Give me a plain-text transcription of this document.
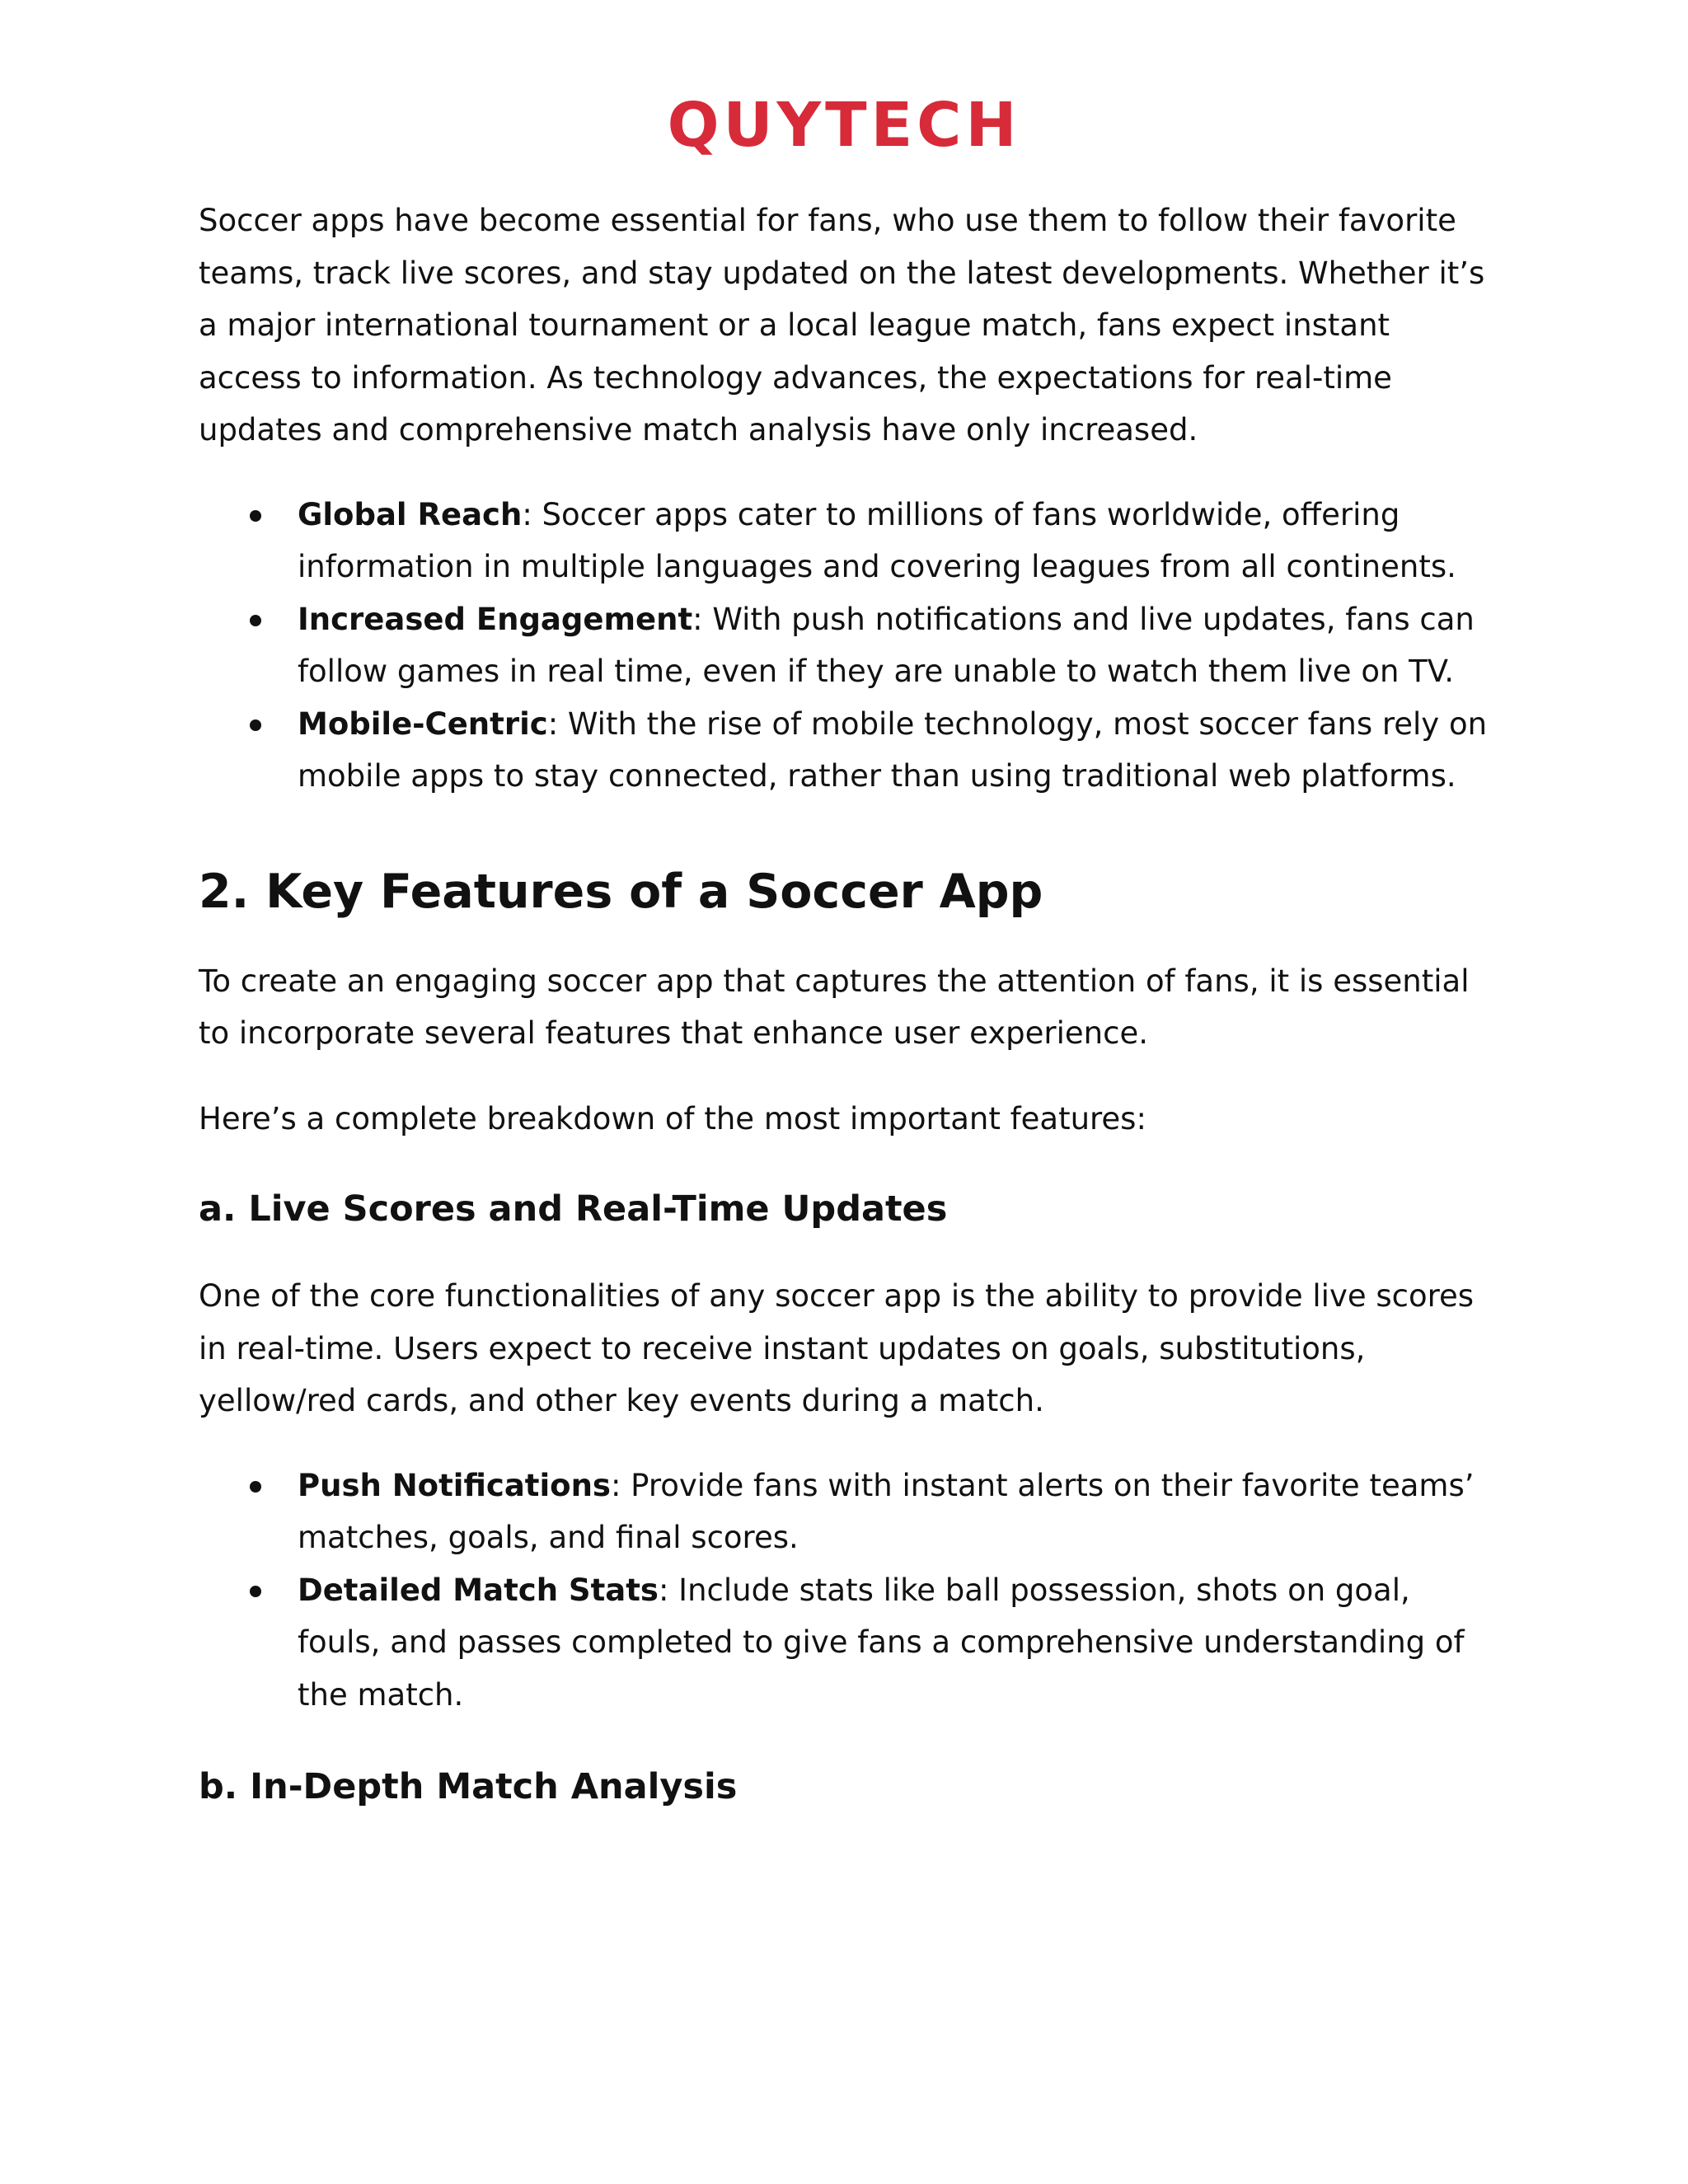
QUYTECH

Soccer apps have become essential for fans, who use them to follow their favorite teams, track live scores, and stay updated on the latest developments. Whether it’s a major international tournament or a local league match, fans expect instant access to information. As technology advances, the expectations for real-time updates and comprehensive match analysis have only increased.

Global Reach: Soccer apps cater to millions of fans worldwide, offering information in multiple languages and covering leagues from all continents.
Increased Engagement: With push notifications and live updates, fans can follow games in real time, even if they are unable to watch them live on TV.
Mobile-Centric: With the rise of mobile technology, most soccer fans rely on mobile apps to stay connected, rather than using traditional web platforms.
2. Key Features of a Soccer App

To create an engaging soccer app that captures the attention of fans, it is essential to incorporate several features that enhance user experience.

Here’s a complete breakdown of the most important features:

a. Live Scores and Real-Time Updates

One of the core functionalities of any soccer app is the ability to provide live scores in real-time. Users expect to receive instant updates on goals, substitutions, yellow/red cards, and other key events during a match.

Push Notifications: Provide fans with instant alerts on their favorite teams’ matches, goals, and final scores.
Detailed Match Stats: Include stats like ball possession, shots on goal, fouls, and passes completed to give fans a comprehensive understanding of the match.
b. In-Depth Match Analysis
